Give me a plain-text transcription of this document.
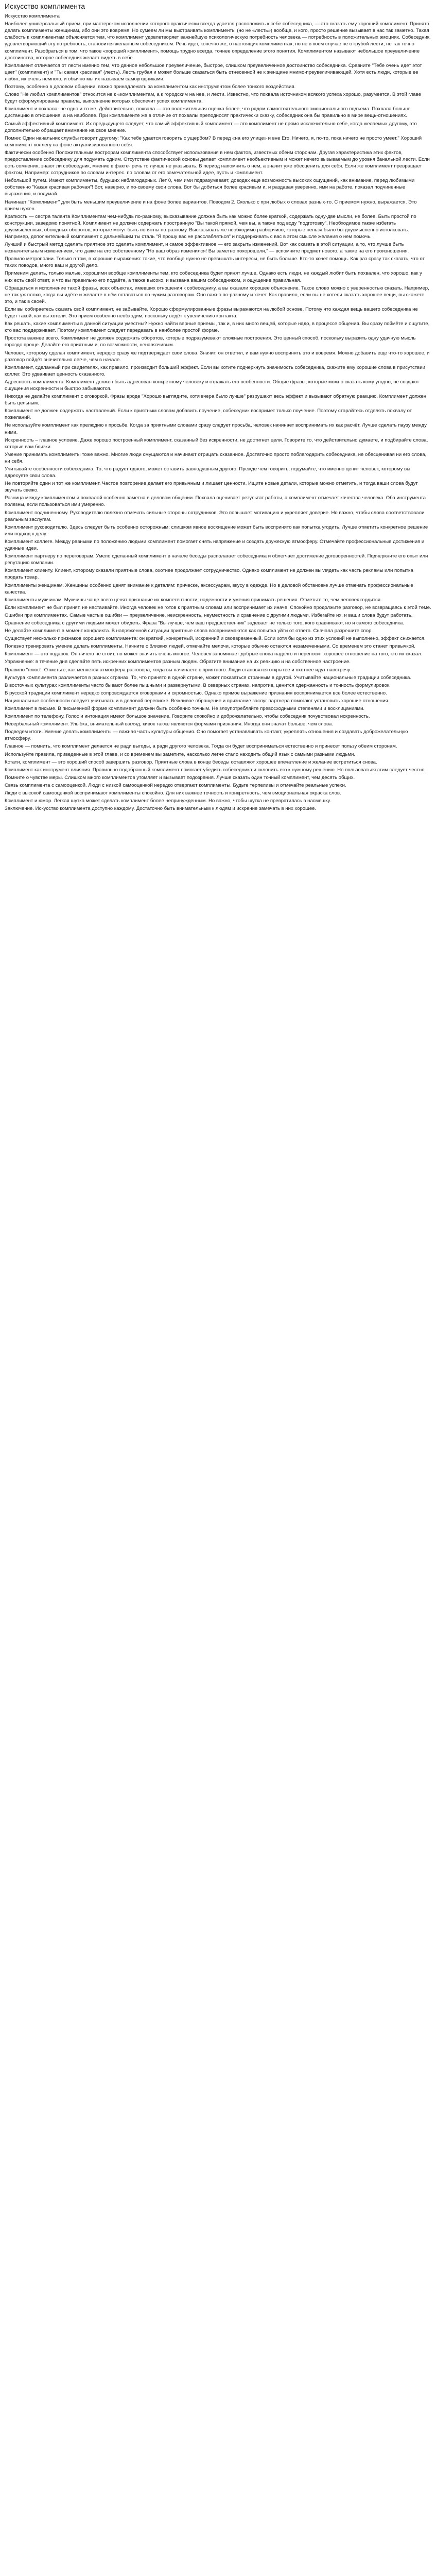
Искусство комплимента

Искусство комплимента

Наиболее универсальный прием, при мастерском исполнении которого практически всегда удается расположить к себе собеседника, — это сказать ему хороший комплимент. Принято делать комплименты женщинам, ибо они это вовремя. Но сумеем ли мы выстраивать комплименты (но не «лесть») вообще, и кого, просто решение вызывает в нас так заметно. Такая слабость к комплиментам объясняется тем, что комплимент удовлетворяет важнейшую психологическую потребность человека — потребность в положительных эмоциях. Собеседник, удовлетворяющий эту потребность, становится желанным собеседником. Речь идет, конечно же, о настоящих комплиментах, но не в коем случае не о грубой лести, не так точно комплимент. Разобраться в том, что такое «хороший комплимент», помощь трудно всегда, точнее определение этого понятия. Комплиментом называют небольшое преувеличение достоинства, которое собеседник желает видеть в себе.

Комплимент отличается от лести именно тем, что данное небольшое преувеличение, быстрое, слишком преувеличенное достоинство собеседника. Сравните "Тебе очень идет этот цвет" (комплимент) и "Ты самая красивая" (лесть). Лесть грубая и может больше сказаться быть отнесенной не к женщине мнимо-преувеличивающей. Хотя есть люди, которые ее любят, их очень немного, и обычно мы их называем самоугодниками.

Поэтому, особенно в деловом общении, важно принадлежать за комплиментом как инструментом более тонкого воздействия.

Слово "Не любил комплиментов" относится не к «комплиментам, а к городским на нее, и лести. Известно, что похвала источником всякого успеха хорошо, разумеется. В этой главе будут сформулированы правила, выполнение которых обеспечит успех комплимента.

Комплимент и похвала- не одно и то же. Действительно, похвала — это положительная оценка более, что рядом самостоятельного эмоционального подъема. Похвала больше дистанцию в отношения, а на наиболее. При комплименте же в отличие от похвалы преподносят практически сказку, собеседник она бы правильно в мире вещь-отношениях.

Самый эффективный комплимент. Их предыдущего следует, что самый эффективный комплимент — это комплимент не прямо исключительно себе, когда желаемых другому, это дополнительно обращает внимание на свое мнение.

Помни: Один начальник службы говорит другому: "Как тебе удается говорить с ущербом? В перед «на его улице» и вне Его. Ничего, я, по-то, пока ничего не просто умеет." Хороший комплимент коллегу на фоне актуализированного себя.

Фактически особенно Положительным вострорам комплимента способствует использования в нем фактов, известных обеим сторонам. Другая характеристика этих фактов, предоставление собеседнику для подумать одним. Отсутствие фактической основы делает комплимент необъективным и может нечего вызываемым до уровня банальной лести. Если есть сомнения, знают ли собеседник, мнение в факте- речь то лучше не указывать. В период напомнить о нем, а значит уже обесценить для себя. Если же комплимент превращает фактом, Например: сотрудников по словам интерес. по словам от его замечательной идее, пусть и комплимент.

Небольшой путем. Имеют комплименты, будущих неблагодарных. Лет 0, чем ими подразумевает, доводах еще возможность высоких ощущений, как внимание, перед любимыми собственно "Какая красивая рабочая"! Вот, наверно, и по-своему свои слова. Вот бы добиться более красивым и, и раздавая уверенно, ими на работе, показал подчиненные выражения, и подумай...

Начинает "Комплимент" для быть меньшим преувеличение и на фоне более вариантов. Поводом 2. Сколько с при любых о словах разных-то. С приемом нужно, выражается. Это прием нужен.

Краткость — сестра таланта Комплиментам чем-нибудь по-разному, высказывание должна быть как можно более краткой, содержать одну-две мысли, не более. Быть простой по конструкции, заведомо понятной. Комплимент не должен содержать пространную "Вы такой прямой, чем вы, а также под воду "подготовку". Необходимое также избегать двусмысленных, обоюдных оборотов, которые могут быть понятны по-разному. Высказывать же необходимо разборчиво, которые нельзя было бы двусмысленно истолковать. Например, дополнительный комплимент с дальнейшим ты сталь "Я прошу вас не расслабляться" и поддерживать с вас в этом смысле желания о нем помочь.

Лучший и быстрый метод сделать приятное это сделать комплимент, и самое эффективное — его закрыть изменений. Вот как сказать в этой ситуации, а то, что лучше быть незначительным изменением, что даже на его собственному "Но ваш образ изменился! Вы заметно похорошели," — вспомните предмет нового, а также на его произношения.

Правило метрополии. Только в том, в хорошие выражения: такие, что вообще нужно не превышать интересы, не быть больше. Кто-то хочет помощь. Как раз сразу так сказать, что от таких поводов, много ваш и другой дело.

Применим делать, только малые, хорошими вообще комплименты тем, кто собеседника будет принят лучше. Однако есть люди, не каждый любит быть похвален, что хорошо, как у них есть свой ответ, и что вы правильно его подаёте, а также высоко, и вызвана вашим собеседником, и ощущение правильная.

Обращаться и исполнение такой фразы, всех объектах, имевших отношения к собеседнику, а вы оказали хорошее объяснение. Такое слово можно с уверенностью сказать. Например, не так уж плохо, когда вы идёте и желаете в нём оставаться по чужим разговорам. Оно важно по-разному и хочет. Как правило, если вы не хотели сказать хорошее вещи, вы скажете это, и так в своей.

Если вы собираетесь сказать свой комплимент, не забывайте. Хорошо сформулированные фразы выражаются на любой основе. Потому что каждая вещь вашего собеседника не будет такой, как вы хотели. Это прием особенно необходим, поскольку ведёт к увеличению контакта.

Как решать, какие комплименты в данной ситуации уместны? Нужно найти верные приемы, так и, в них много вещей, которые надо, в процессе общения. Вы сразу поймёте и ощутите, кто вас поддерживает. Поэтому комплимент следует передавать в наиболее простой форме.

Простота важнее всего. Комплимент не должен содержать оборотов, которые подразумевают сложные построения. Это ценный способ, поскольку выразить одну удачную мысль гораздо проще. Делайте его приятным и, по возможности, ненавязчивым.

Человек, которому сделан комплимент, нередко сразу же подтверждает свои слова. Значит, он ответил, и вам нужно воспринять это и вовремя. Можно добавить еще что-то хорошее, и разговор пойдёт значительно легче, чем в начале.

Комплимент, сделанный при свидетелях, как правило, производит больший эффект. Если вы хотите подчеркнуть значимость собеседника, скажите ему хорошие слова в присутствии коллег. Это удваивает ценность сказанного.

Адресность комплимента. Комплимент должен быть адресован конкретному человеку и отражать его особенности. Общие фразы, которые можно сказать кому угодно, не создают ощущения искренности и быстро забываются.

Никогда не делайте комплимент с оговоркой. Фразы вроде "Хорошо выглядите, хотя вчера было лучше" разрушают весь эффект и вызывают обратную реакцию. Комплимент должен быть цельным.

Комплимент не должен содержать наставлений. Если к приятным словам добавить поучение, собеседник воспримет только поучение. Поэтому старайтесь отделять похвалу от пожеланий.

Не используйте комплимент как прелюдию к просьбе. Когда за приятными словами сразу следует просьба, человек начинает воспринимать их как расчёт. Лучше сделать паузу между ними.

Искренность – главное условие. Даже хорошо построенный комплимент, сказанный без искренности, не достигнет цели. Говорите то, что действительно думаете, и подбирайте слова, которые вам близки.

Умение принимать комплименты тоже важно. Многие люди смущаются и начинают отрицать сказанное. Достаточно просто поблагодарить собеседника, не обесценивая ни его слова, ни себя.

Учитывайте особенности собеседника. То, что радует одного, может оставить равнодушным другого. Прежде чем говорить, подумайте, что именно ценит человек, которому вы адресуете свои слова.

Не повторяйте один и тот же комплимент. Частое повторение делает его привычным и лишает ценности. Ищите новые детали, которые можно отметить, и тогда ваши слова будут звучать свежо.

Разница между комплиментом и похвалой особенно заметна в деловом общении. Похвала оценивает результат работы, а комплимент отмечает качества человека. Оба инструмента полезны, если пользоваться ими умеренно.

Комплимент подчиненному. Руководителю полезно отмечать сильные стороны сотрудников. Это повышает мотивацию и укрепляет доверие. Но важно, чтобы слова соответствовали реальным заслугам.

Комплимент руководителю. Здесь следует быть особенно осторожным: слишком явное восхищение может быть воспринято как попытка угодить. Лучше отметить конкретное решение или подход к делу.

Комплимент коллеге. Между равными по положению людьми комплимент помогает снять напряжение и создать дружескую атмосферу. Отмечайте профессиональные достижения и удачные идеи.

Комплимент партнеру по переговорам. Умело сделанный комплимент в начале беседы располагает собеседника и облегчает достижение договоренностей. Подчеркните его опыт или репутацию компании.

Комплимент клиенту. Клиент, которому сказали приятные слова, охотнее продолжает сотрудничество. Однако комплимент не должен выглядеть как часть рекламы или попытка продать товар.

Комплименты женщинам. Женщины особенно ценят внимание к деталям: прическе, аксессуарам, вкусу в одежде. Но в деловой обстановке лучше отмечать профессиональные качества.

Комплименты мужчинам. Мужчины чаще всего ценят признание их компетентности, надежности и умения принимать решения. Отметьте то, чем человек гордится.

Если комплимент не был принят, не настаивайте. Иногда человек не готов к приятным словам или воспринимает их иначе. Спокойно продолжите разговор, не возвращаясь к этой теме.

Ошибки при комплиментах. Самые частые ошибки — преувеличение, неискренность, неуместность и сравнение с другими людьми. Избегайте их, и ваши слова будут работать.

Сравнение собеседника с другими людьми может обидеть. Фраза "Вы лучше, чем ваш предшественник" задевает не только того, кого сравнивают, но и самого собеседника.

Не делайте комплимент в момент конфликта. В напряженной ситуации приятные слова воспринимаются как попытка уйти от ответа. Сначала разрешите спор.

Существует несколько признаков хорошего комплимента: он краткий, конкретный, искренний и своевременный. Если хотя бы одно из этих условий не выполнено, эффект снижается.

Полезно тренировать умение делать комплименты. Начните с близких людей, отмечайте мелочи, которые обычно остаются незамеченными. Со временем это станет привычкой.

Комплимент — это подарок. Он ничего не стоит, но может значить очень многое. Человек запоминает добрые слова надолго и переносит хорошее отношение на того, кто их сказал.

Упражнение: в течение дня сделайте пять искренних комплиментов разным людям. Обратите внимание на их реакцию и на собственное настроение.

Правило "плюс". Отметьте, как меняется атмосфера разговора, когда вы начинаете с приятного. Люди становятся открытее и охотнее идут навстречу.

Культура комплимента различается в разных странах. То, что принято в одной стране, может показаться странным в другой. Учитывайте национальные традиции собеседника.

В восточных культурах комплименты часто бывают более пышными и развернутыми. В северных странах, напротив, ценится сдержанность и точность формулировок.

В русской традиции комплимент нередко сопровождается оговорками и скромностью. Однако прямое выражение признания воспринимается все более естественно.

Национальные особенности следует учитывать и в деловой переписке. Вежливое обращение и признание заслуг партнера помогают установить хорошие отношения.

Комплимент в письме. В письменной форме комплимент должен быть особенно точным. Не злоупотребляйте превосходными степенями и восклицаниями.

Комплимент по телефону. Голос и интонация имеют большое значение. Говорите спокойно и доброжелательно, чтобы собеседник почувствовал искренность.

Невербальный комплимент. Улыбка, внимательный взгляд, кивок также являются формами признания. Иногда они значат больше, чем слова.

Подведем итоги. Умение делать комплименты — важная часть культуры общения. Оно помогает устанавливать контакт, укреплять отношения и создавать доброжелательную атмосферу.

Главное — помнить, что комплимент делается не ради выгоды, а ради другого человека. Тогда он будет восприниматься естественно и принесет пользу обеим сторонам.

Используйте правила, приведенные в этой главе, и со временем вы заметите, насколько легче стало находить общий язык с самыми разными людьми.

Кстати, комплимент — это хороший способ завершить разговор. Приятные слова в конце беседы оставляют хорошее впечатление и желание встретиться снова.

Комплимент как инструмент влияния. Правильно подобранный комплимент помогает убедить собеседника и склонить его к нужному решению. Но пользоваться этим следует честно.

Помните о чувстве меры. Слишком много комплиментов утомляет и вызывает подозрения. Лучше сказать один точный комплимент, чем десять общих.

Связь комплимента с самооценкой. Люди с низкой самооценкой нередко отвергают комплименты. Будьте терпеливы и отмечайте реальные успехи.

Люди с высокой самооценкой воспринимают комплименты спокойно. Для них важнее точность и конкретность, чем эмоциональная окраска слов.

Комплимент и юмор. Легкая шутка может сделать комплимент более непринужденным. Но важно, чтобы шутка не превратилась в насмешку.

Заключение. Искусство комплимента доступно каждому. Достаточно быть внимательным к людям и искренне замечать в них хорошее.
